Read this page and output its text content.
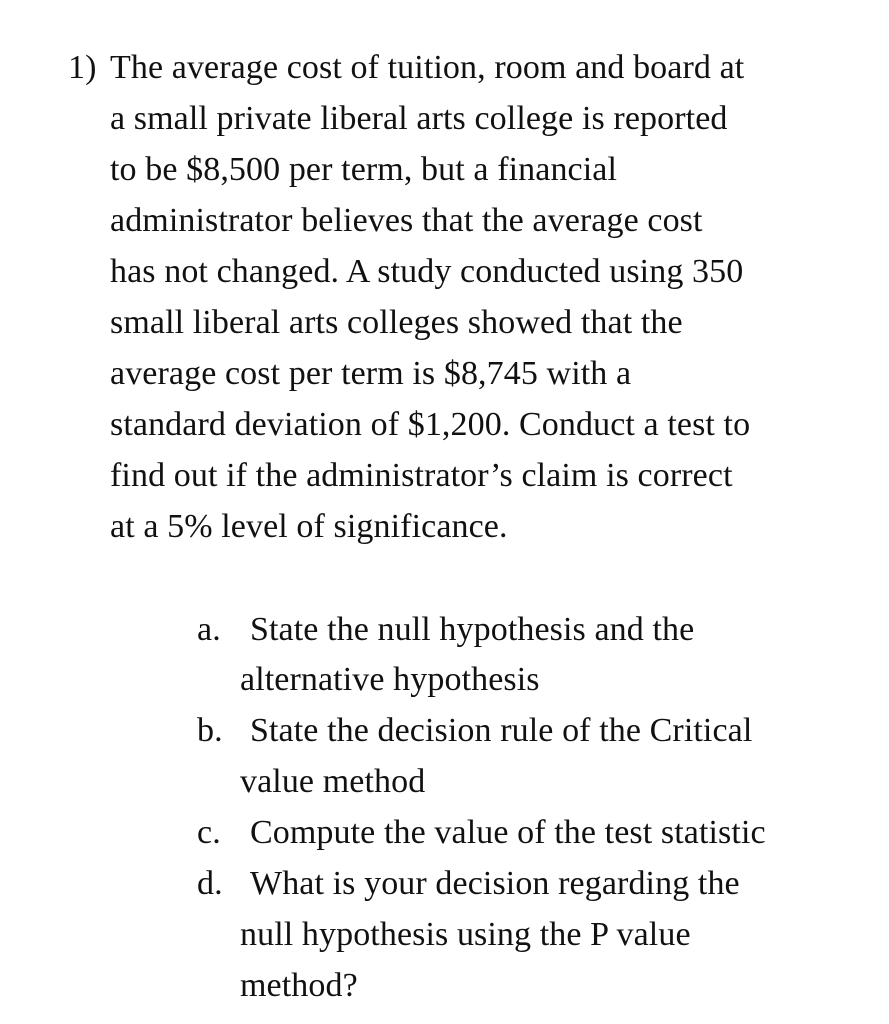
1) The average cost of tuition, room and board at
a small private liberal arts college is reported
to be $8,500 per term, but a financial
administrator believes that the average cost
has not changed. A study conducted using 350
small liberal arts colleges showed that the
average cost per term is $8,745 with a
standard deviation of $1,200. Conduct a test to
find out if the administrator’s claim is correct
at a 5% level of significance.
a. State the null hypothesis and the
alternative hypothesis
b. State the decision rule of the Critical
value method
c. Compute the value of the test statistic
d. What is your decision regarding the
null hypothesis using the P value
method?
